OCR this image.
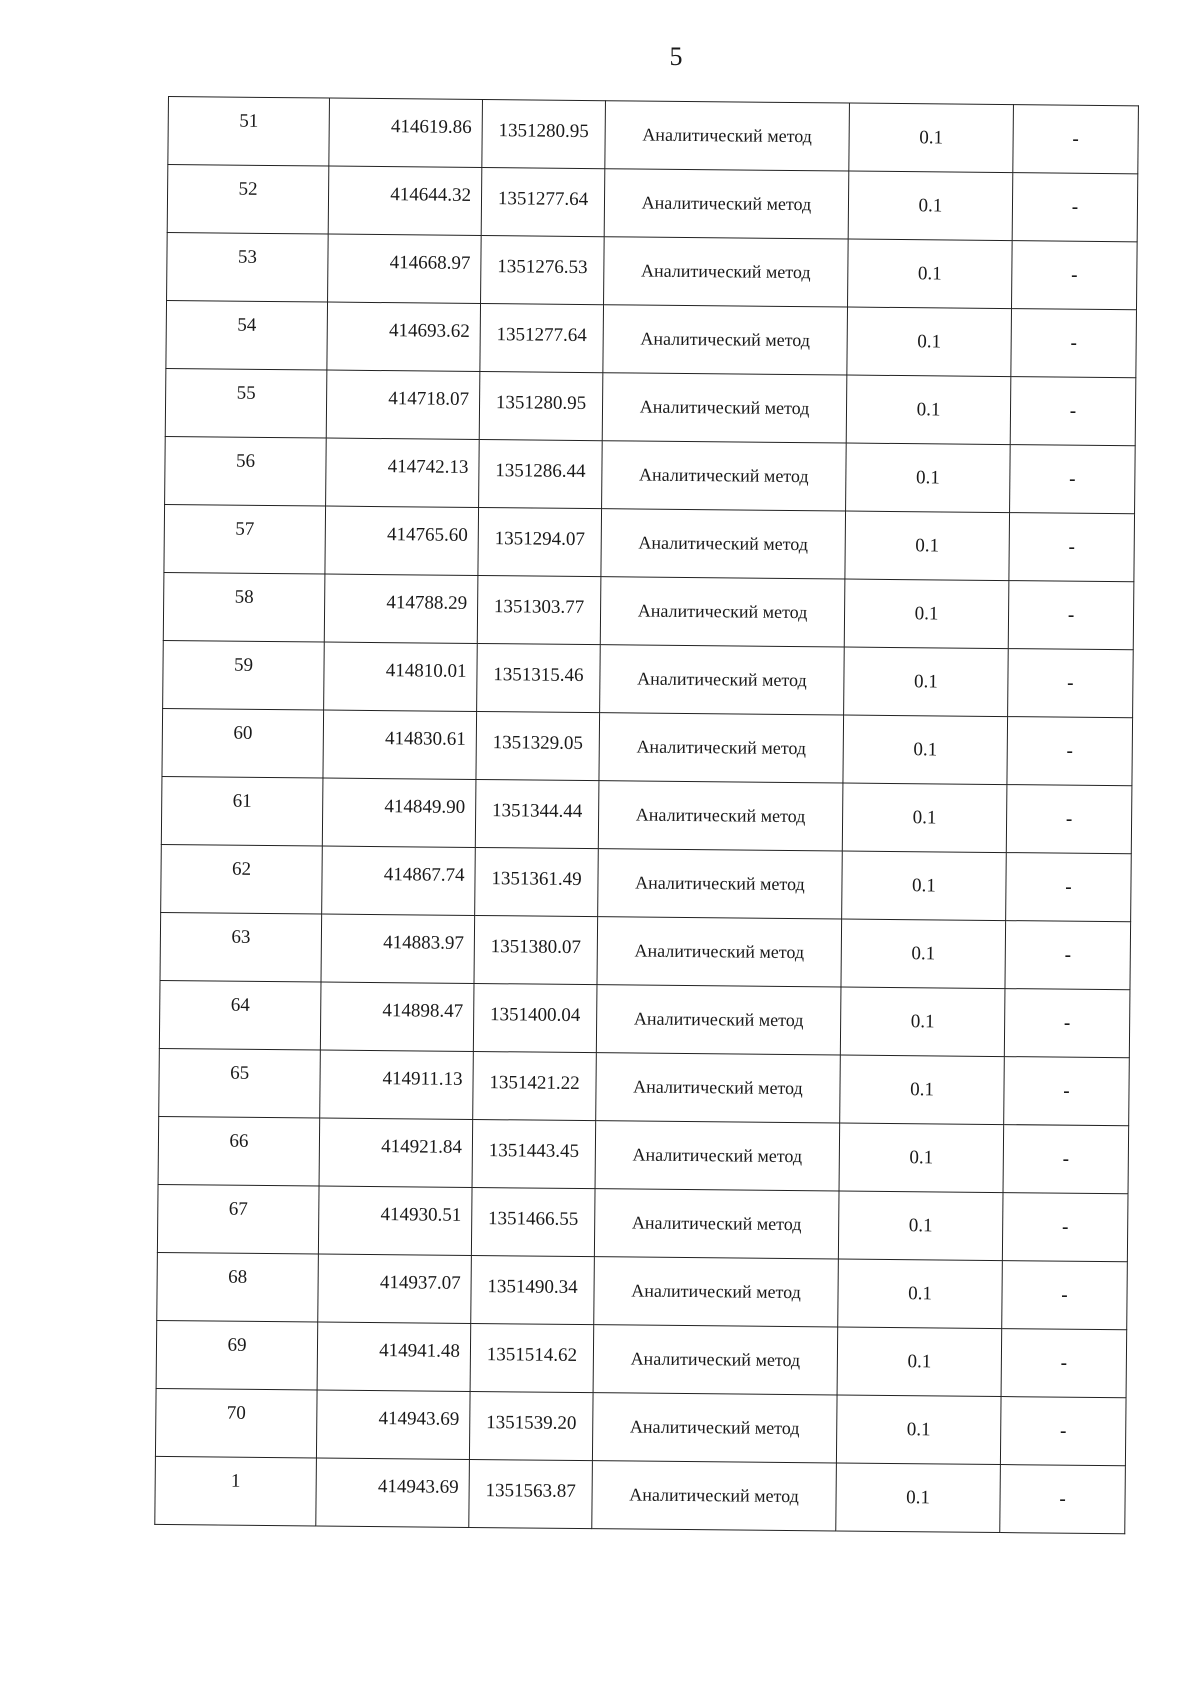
5
51	414619.86	1351280.95	Аналитический метод	0.1	-
52	414644.32	1351277.64	Аналитический метод	0.1	-
53	414668.97	1351276.53	Аналитический метод	0.1	-
54	414693.62	1351277.64	Аналитический метод	0.1	-
55	414718.07	1351280.95	Аналитический метод	0.1	-
56	414742.13	1351286.44	Аналитический метод	0.1	-
57	414765.60	1351294.07	Аналитический метод	0.1	-
58	414788.29	1351303.77	Аналитический метод	0.1	-
59	414810.01	1351315.46	Аналитический метод	0.1	-
60	414830.61	1351329.05	Аналитический метод	0.1	-
61	414849.90	1351344.44	Аналитический метод	0.1	-
62	414867.74	1351361.49	Аналитический метод	0.1	-
63	414883.97	1351380.07	Аналитический метод	0.1	-
64	414898.47	1351400.04	Аналитический метод	0.1	-
65	414911.13	1351421.22	Аналитический метод	0.1	-
66	414921.84	1351443.45	Аналитический метод	0.1	-
67	414930.51	1351466.55	Аналитический метод	0.1	-
68	414937.07	1351490.34	Аналитический метод	0.1	-
69	414941.48	1351514.62	Аналитический метод	0.1	-
70	414943.69	1351539.20	Аналитический метод	0.1	-
1	414943.69	1351563.87	Аналитический метод	0.1	-
